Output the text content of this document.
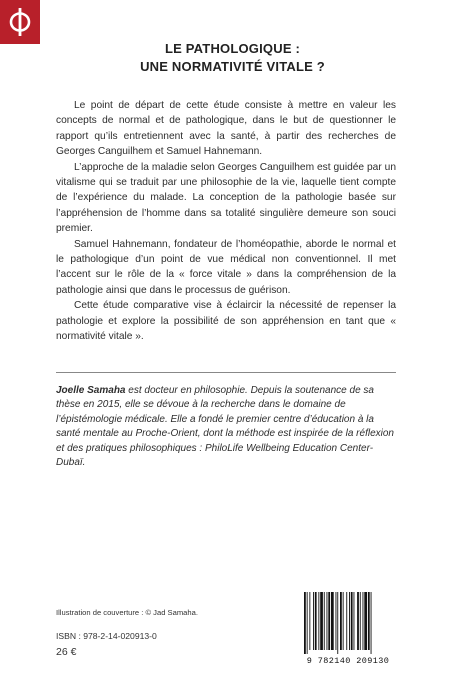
LE PATHOLOGIQUE :
UNE NORMATIVITÉ VITALE ?

Le point de départ de cette étude consiste à mettre en valeur les concepts de normal et de pathologique, dans le but de questionner le rapport qu’ils entretiennent avec la santé, à partir des recherches de Georges Canguilhem et Samuel Hahnemann.

L’approche de la maladie selon Georges Canguilhem est guidée par un vitalisme qui se traduit par une philosophie de la vie, laquelle tient compte de l’expérience du malade. La conception de la pathologie basée sur l’appréhension de l’homme dans sa totalité singulière demeure son souci premier.

Samuel Hahnemann, fondateur de l’homéopathie, aborde le normal et le pathologique d’un point de vue médical non conventionnel. Il met l’accent sur le rôle de la « force vitale » dans la compréhension de la pathologie ainsi que dans le processus de guérison.

Cette étude comparative vise à éclaircir la nécessité de repenser la pathologie et explore la possibilité de son appréhension en tant que « normativité vitale ».

Joelle Samaha est docteur en philosophie. Depuis la soutenance de sa thèse en 2015, elle se dévoue à la recherche dans le domaine de l’épistémologie médicale. Elle a fondé le premier centre d’éducation à la santé mentale au Proche-Orient, dont la méthode est inspirée de la réflexion et des pratiques philosophiques : PhiloLife Wellbeing Education Center-Dubaï.
Illustration de couverture : © Jad Samaha.
ISBN : 978-2-14-020913-0
26 €
9 782140 209130
